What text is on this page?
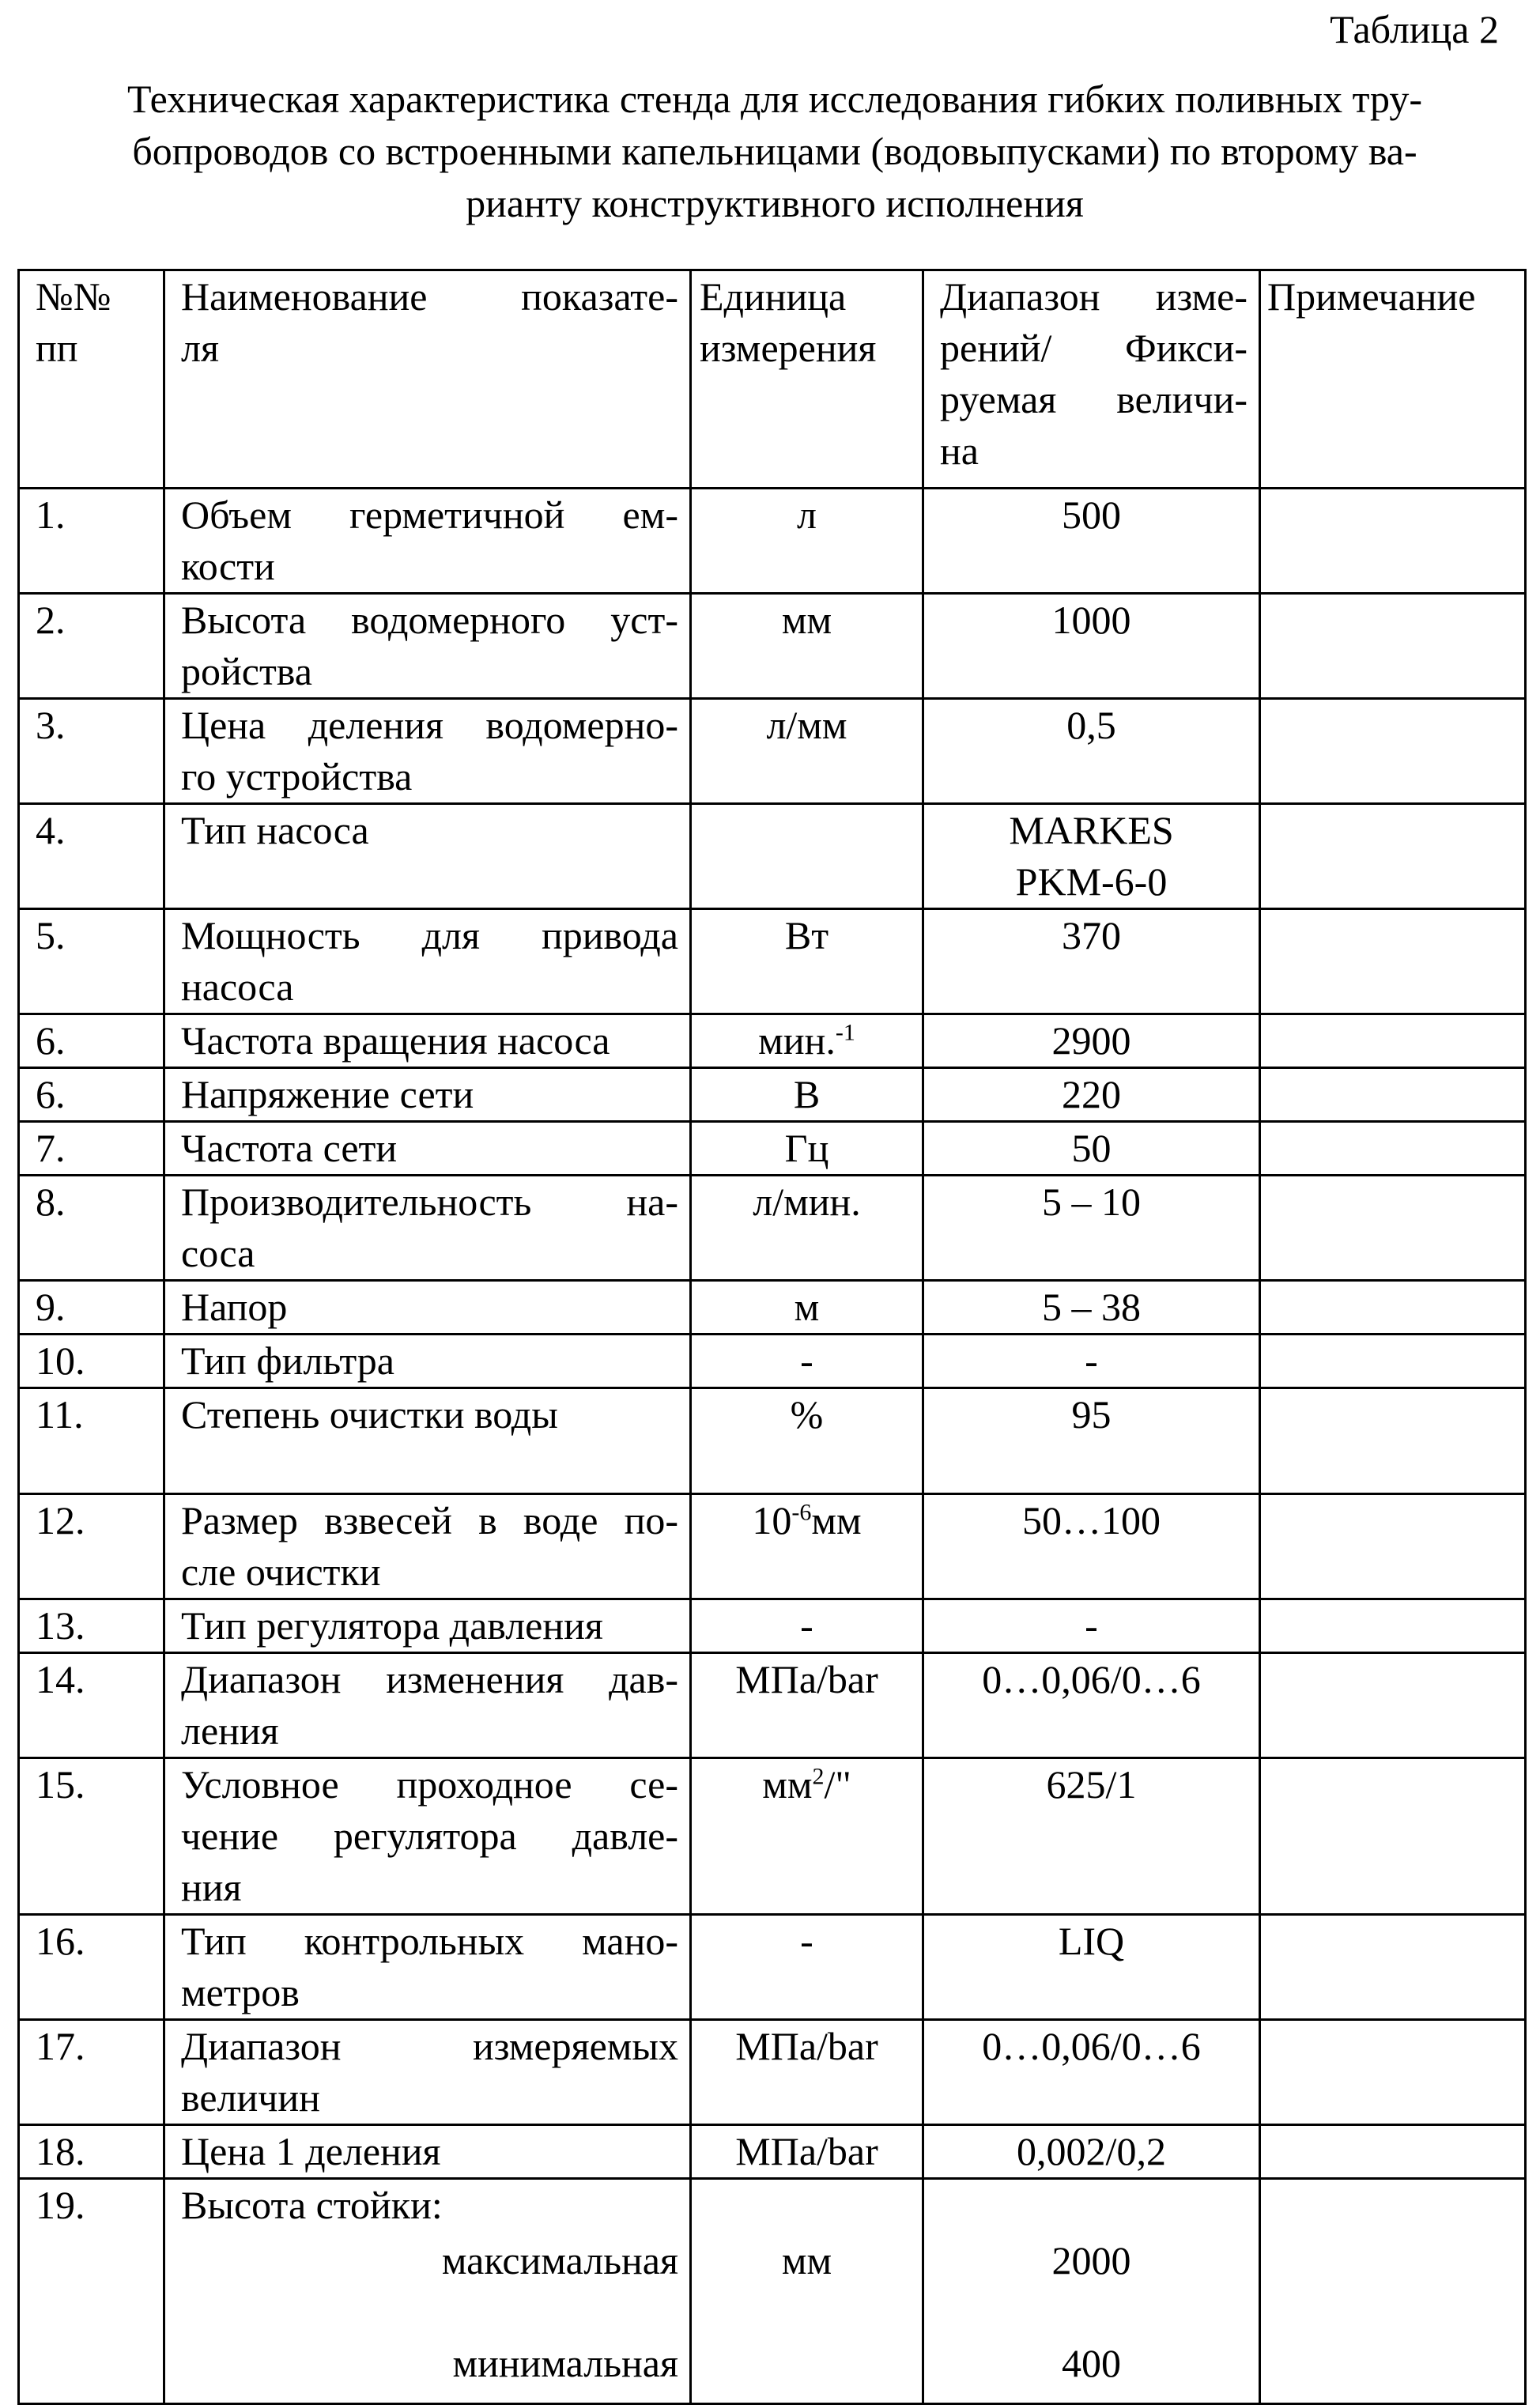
Таблица 2
Техническая характеристика стенда для исследования гибких поливных тру-
бопроводов со встроенными капельницами (водовыпусками) по второму ва-
рианту конструктивного исполнения
№№
пп

Наименование показате-
ля

Единица
измерения

Диапазон изме-
рений/ Фикси-
руемая величи-
на
	Примечание
1.	Объем герметичной ем-
кости
	л	500

2.	Высота водомерного уст-
ройства
	мм	1000

3.	Цена деления водомерно-
го устройства
	л/мм	0,5

4.	Тип насоса		MARKES
PKM-6-0

5.	Мощность для привода
насоса
	Вт	370

6.	Частота вращения насоса	мин.-1	2900

6.	Напряжение сети	В	220

7.	Частота сети	Гц	50

8.	Производительность на-
соса
	л/мин.	5 – 10

9.	Напор	м	5 – 38

10.	Тип фильтра	-	-

11.	Степень очистки воды	%	95

12.	Размер взвесей в воде по-
сле очистки
	10-6мм	50…100

13.	Тип регулятора давления	-	-

14.	Диапазон изменения дав-
ления
	МПа/bar	0…0,06/0…6

15.	Условное проходное се-
чение регулятора давле-
ния
	мм2/"	625/1

16.	Тип контрольных мано-
метров
	-	LIQ

17.	Диапазон измеряемых
величин
	МПа/bar	0…0,06/0…6

18.	Цена 1 деления	МПа/bar	0,002/0,2

19.	Высота стойки:
максимальная
минимальная

мм	2000
400
